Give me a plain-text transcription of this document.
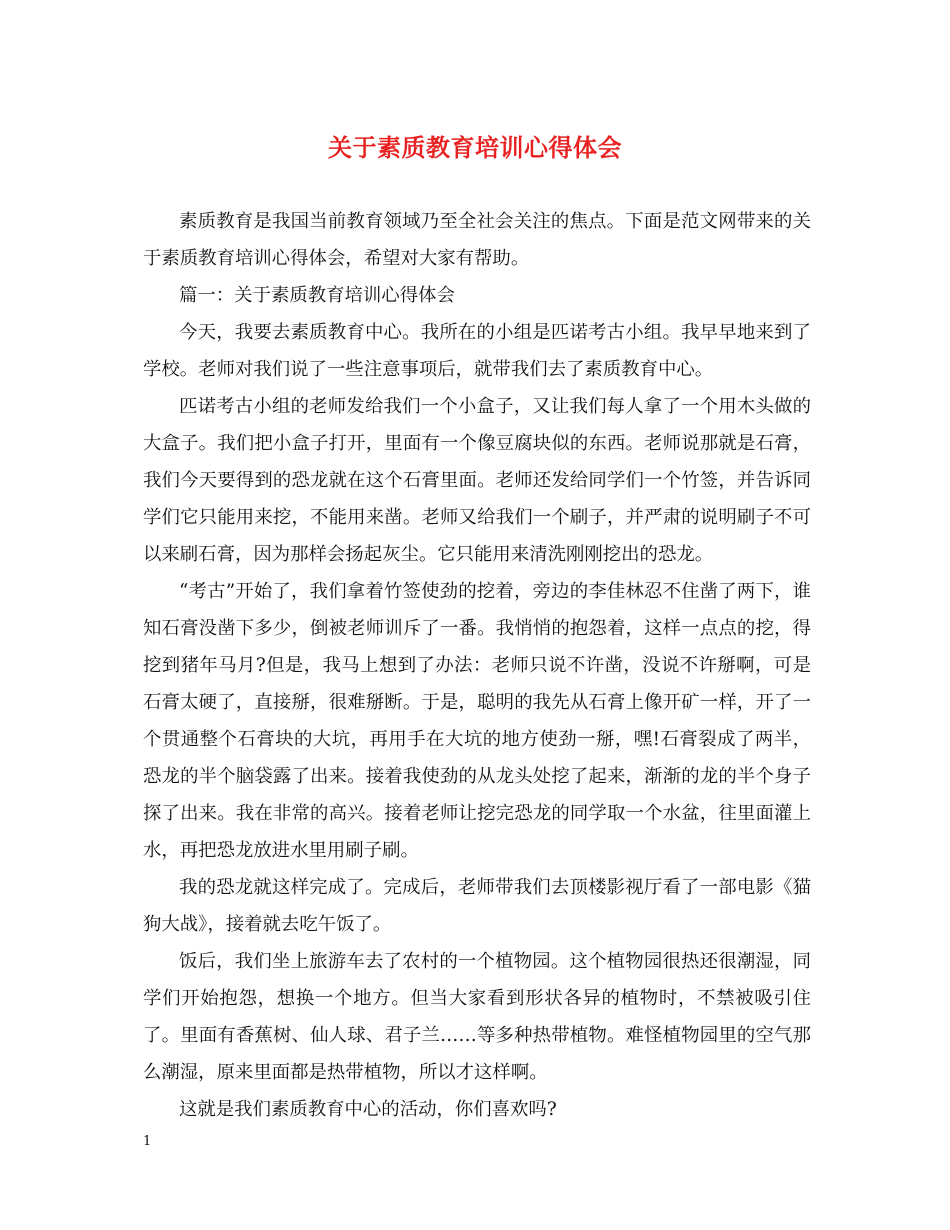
关于素质教育培训心得体会

素质教育是我国当前教育领域乃至全社会关注的焦点。下面是范文网带来的关于素质教育培训心得体会，希望对大家有帮助。

篇一：关于素质教育培训心得体会

今天，我要去素质教育中心。我所在的小组是匹诺考古小组。我早早地来到了学校。老师对我们说了一些注意事项后，就带我们去了素质教育中心。

匹诺考古小组的老师发给我们一个小盒子，又让我们每人拿了一个用木头做的大盒子。我们把小盒子打开，里面有一个像豆腐块似的东西。老师说那就是石膏，我们今天要得到的恐龙就在这个石膏里面。老师还发给同学们一个竹签，并告诉同学们它只能用来挖，不能用来凿。老师又给我们一个刷子，并严肃的说明刷子不可以来刷石膏，因为那样会扬起灰尘。它只能用来清洗刚刚挖出的恐龙。

“考古”开始了，我们拿着竹签使劲的挖着，旁边的李佳林忍不住凿了两下，谁知石膏没凿下多少，倒被老师训斥了一番。我悄悄的抱怨着，这样一点点的挖，得挖到猪年马月?但是，我马上想到了办法：老师只说不许凿，没说不许掰啊，可是石膏太硬了，直接掰，很难掰断。于是，聪明的我先从石膏上像开矿一样，开了一个贯通整个石膏块的大坑，再用手在大坑的地方使劲一掰，嘿!石膏裂成了两半，恐龙的半个脑袋露了出来。接着我使劲的从龙头处挖了起来，渐渐的龙的半个身子探了出来。我在非常的高兴。接着老师让挖完恐龙的同学取一个水盆，往里面灌上水，再把恐龙放进水里用刷子刷。

我的恐龙就这样完成了。完成后，老师带我们去顶楼影视厅看了一部电影《猫狗大战》，接着就去吃午饭了。

饭后，我们坐上旅游车去了农村的一个植物园。这个植物园很热还很潮湿，同学们开始抱怨，想换一个地方。但当大家看到形状各异的植物时，不禁被吸引住了。里面有香蕉树、仙人球、君子兰……等多种热带植物。难怪植物园里的空气那么潮湿，原来里面都是热带植物，所以才这样啊。

这就是我们素质教育中心的活动，你们喜欢吗?

1
